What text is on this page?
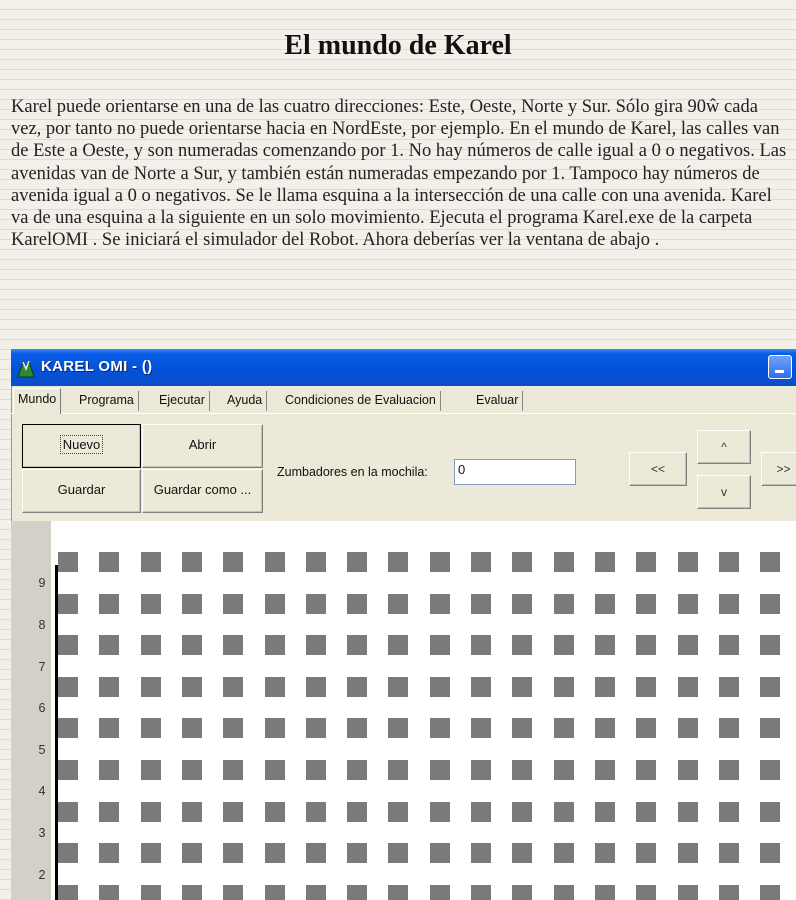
El mundo de Karel

Karel puede orientarse en una de las cuatro direcciones: Este, Oeste, Norte y Sur. Sólo gira 90ŵ cada vez, por tanto no puede orientarse hacia en NordEste, por ejemplo. En el mundo de Karel, las calles van de Este a Oeste, y son numeradas comenzando por 1. No hay números de calle igual a 0 o negativos. Las avenidas van de Norte a Sur, y también están numeradas empezando por 1. Tampoco hay números de avenida igual a 0 o negativos. Se le llama esquina a la intersección de una calle con una avenida. Karel va de una esquina a la siguiente en un solo movimiento. Ejecuta el programa Karel.exe de la carpeta KarelOMI . Se iniciará el simulador del Robot. Ahora deberías ver la ventana de abajo .

KAREL OMI - ()
Mundo	Programa	Ejecutar	Ayuda	Condiciones de Evaluacion	Evaluar
Nuevo	Abrir
Guardar	Guardar como ...
Zumbadores en la mochila:	0	<<
^
v
>>
9
8
7
6
5
4
3
2
